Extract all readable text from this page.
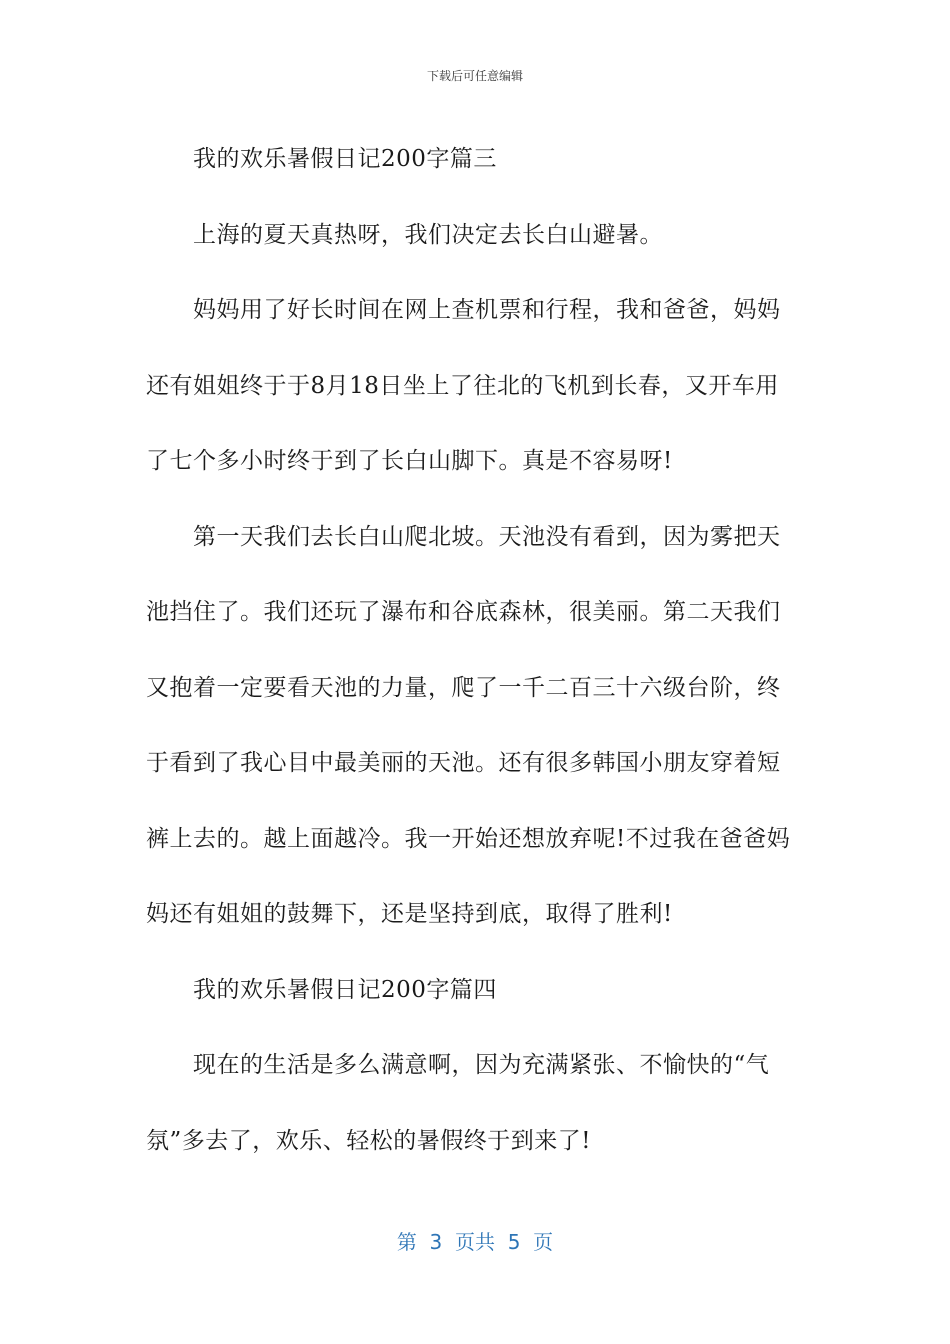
下载后可任意编辑

我的欢乐暑假日记200字篇三

上海的夏天真热呀，我们决定去长白山避暑。

妈妈用了好长时间在网上查机票和行程，我和爸爸，妈妈

还有姐姐终于于8月18日坐上了往北的飞机到长春，又开车用

了七个多小时终于到了长白山脚下。真是不容易呀!

第一天我们去长白山爬北坡。天池没有看到，因为雾把天

池挡住了。我们还玩了瀑布和谷底森林，很美丽。第二天我们

又抱着一定要看天池的力量，爬了一千二百三十六级台阶，终

于看到了我心目中最美丽的天池。还有很多韩国小朋友穿着短

裤上去的。越上面越冷。我一开始还想放弃呢!不过我在爸爸妈

妈还有姐姐的鼓舞下，还是坚持到底，取得了胜利!

我的欢乐暑假日记200字篇四

现在的生活是多么满意啊，因为充满紧张、不愉快的“气

氛”多去了，欢乐、轻松的暑假终于到来了!

第  3  页共  5  页
